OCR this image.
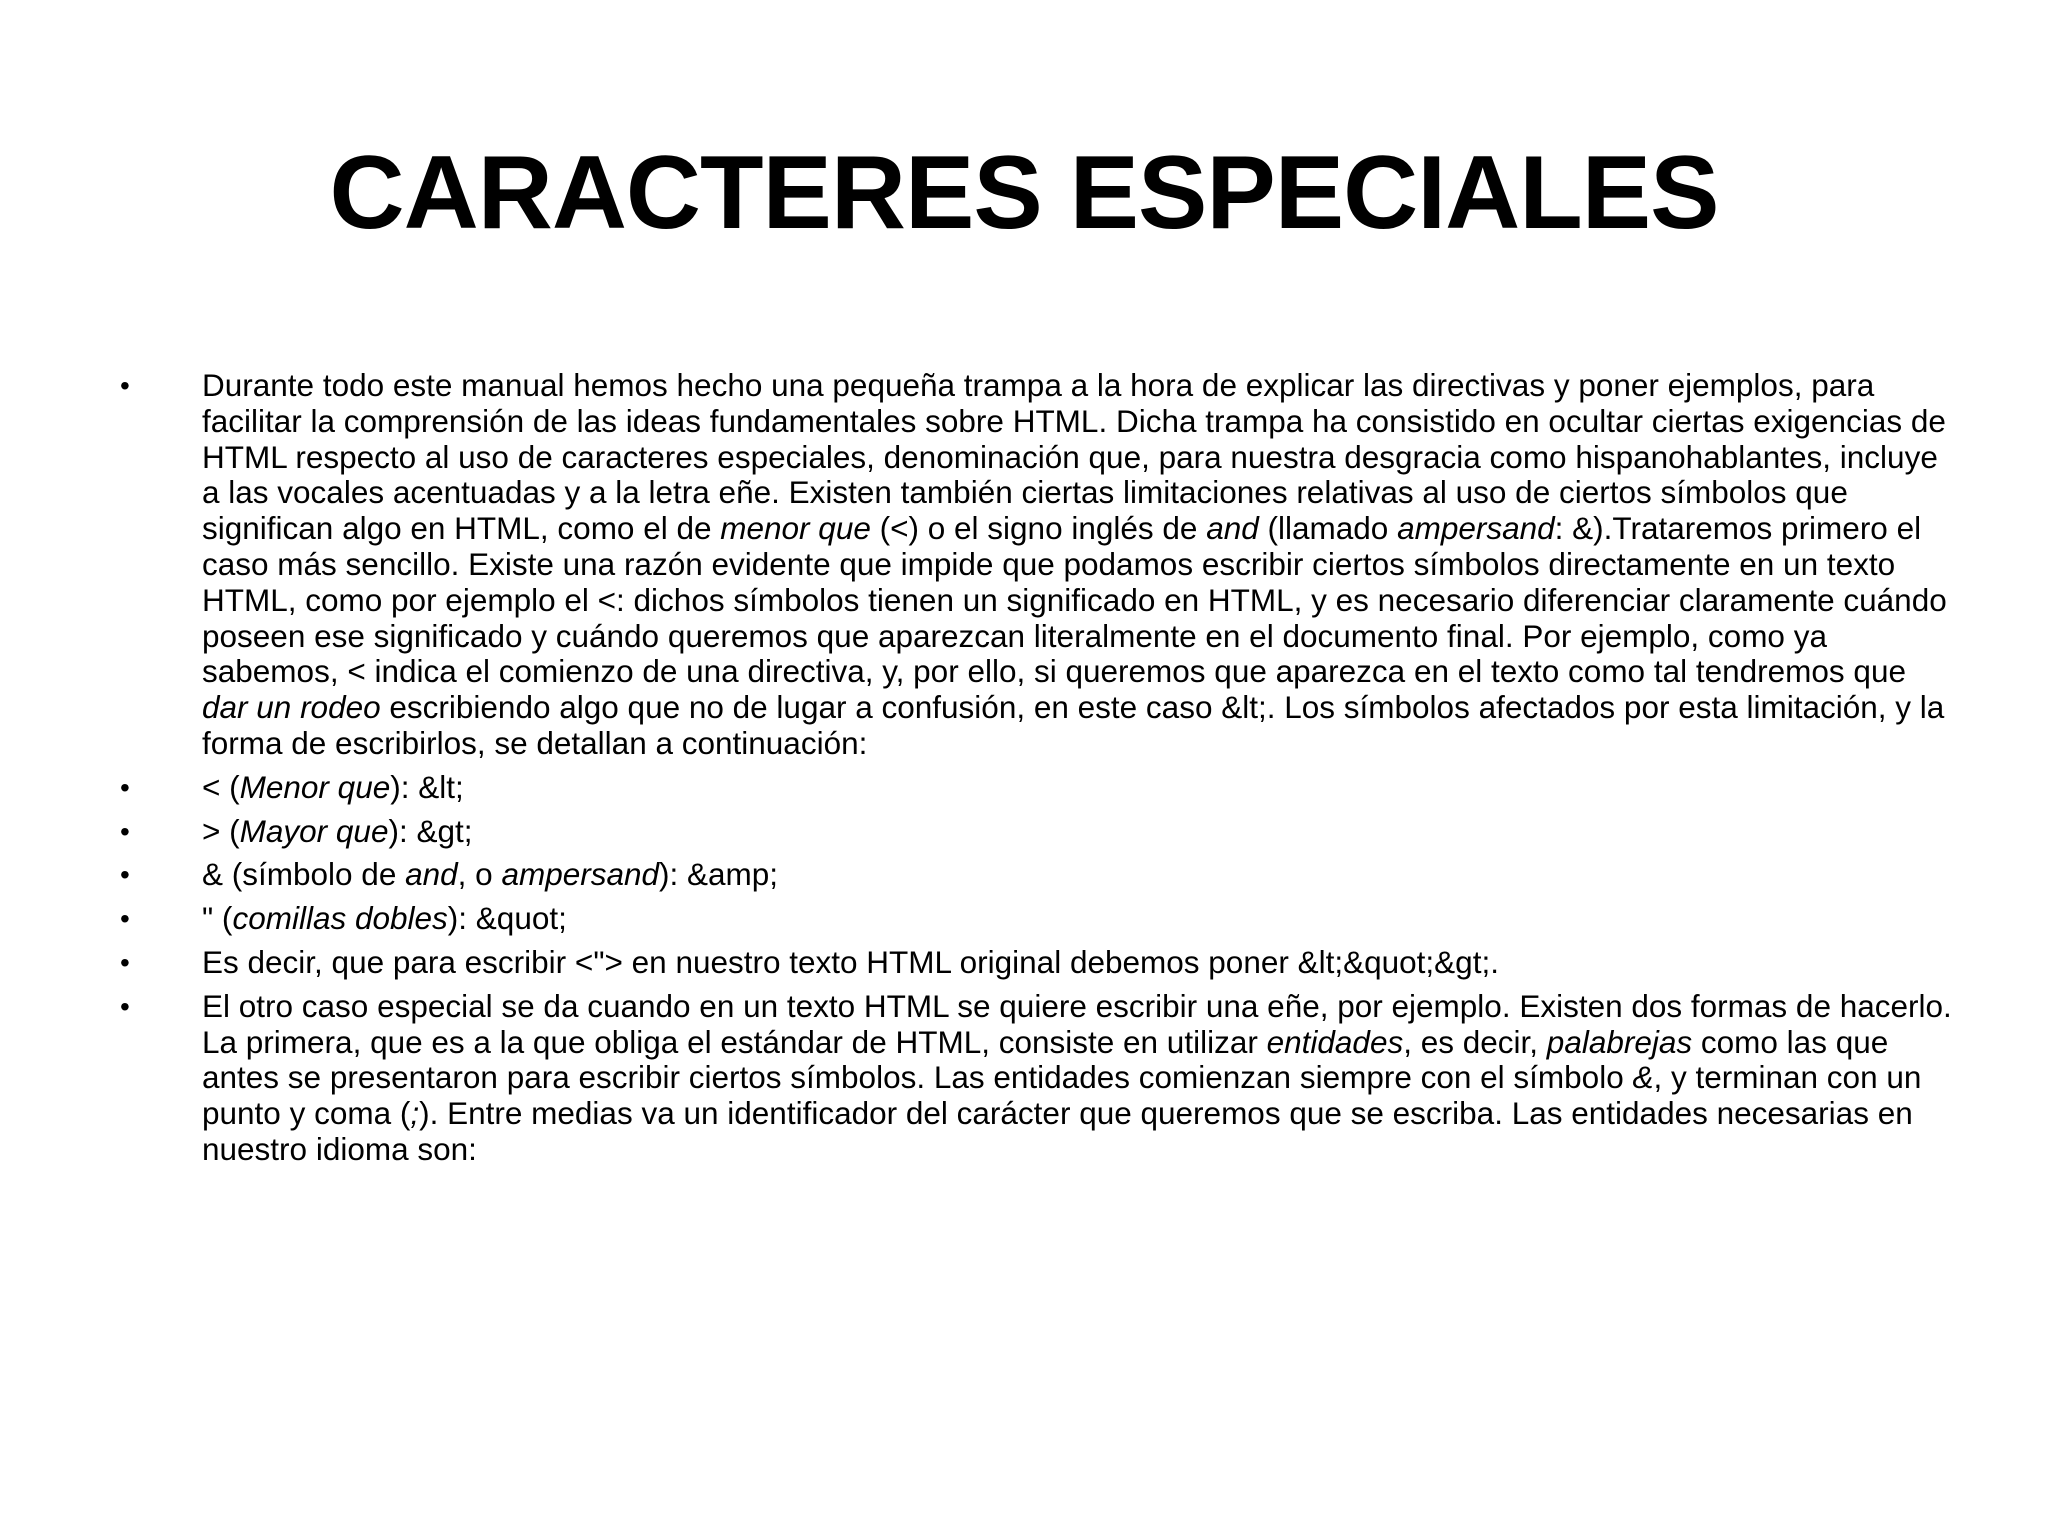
CARACTERES ESPECIALES
• Durante todo este manual hemos hecho una pequeña trampa a la hora de explicar las directivas y poner ejemplos, para facilitar la comprensión de las ideas fundamentales sobre HTML. Dicha trampa ha consistido en ocultar ciertas exigencias de HTML respecto al uso de caracteres especiales, denominación que, para nuestra desgracia como hispanohablantes, incluye a las vocales acentuadas y a la letra eñe. Existen también ciertas limitaciones relativas al uso de ciertos símbolos que significan algo en HTML, como el de menor que (<) o el signo inglés de and (llamado ampersand: &).Trataremos primero el caso más sencillo. Existe una razón evidente que impide que podamos escribir ciertos símbolos directamente en un texto HTML, como por ejemplo el <: dichos símbolos tienen un significado en HTML, y es necesario diferenciar claramente cuándo poseen ese significado y cuándo queremos que aparezcan literalmente en el documento final. Por ejemplo, como ya sabemos, < indica el comienzo de una directiva, y, por ello, si queremos que aparezca en el texto como tal tendremos que dar un rodeo escribiendo algo que no de lugar a confusión, en este caso &lt;. Los símbolos afectados por esta limitación, y la forma de escribirlos, se detallan a continuación:
• < (Menor que): &lt;
• > (Mayor que): &gt;
• & (símbolo de and, o ampersand): &amp;
• " (comillas dobles): &quot;
• Es decir, que para escribir <"> en nuestro texto HTML original debemos poner &lt;&quot;&gt;.
• El otro caso especial se da cuando en un texto HTML se quiere escribir una eñe, por ejemplo. Existen dos formas de hacerlo. La primera, que es a la que obliga el estándar de HTML, consiste en utilizar entidades, es decir, palabrejas como las que antes se presentaron para escribir ciertos símbolos. Las entidades comienzan siempre con el símbolo &, y terminan con un punto y coma (;). Entre medias va un identificador del carácter que queremos que se escriba. Las entidades necesarias en nuestro idioma son:
